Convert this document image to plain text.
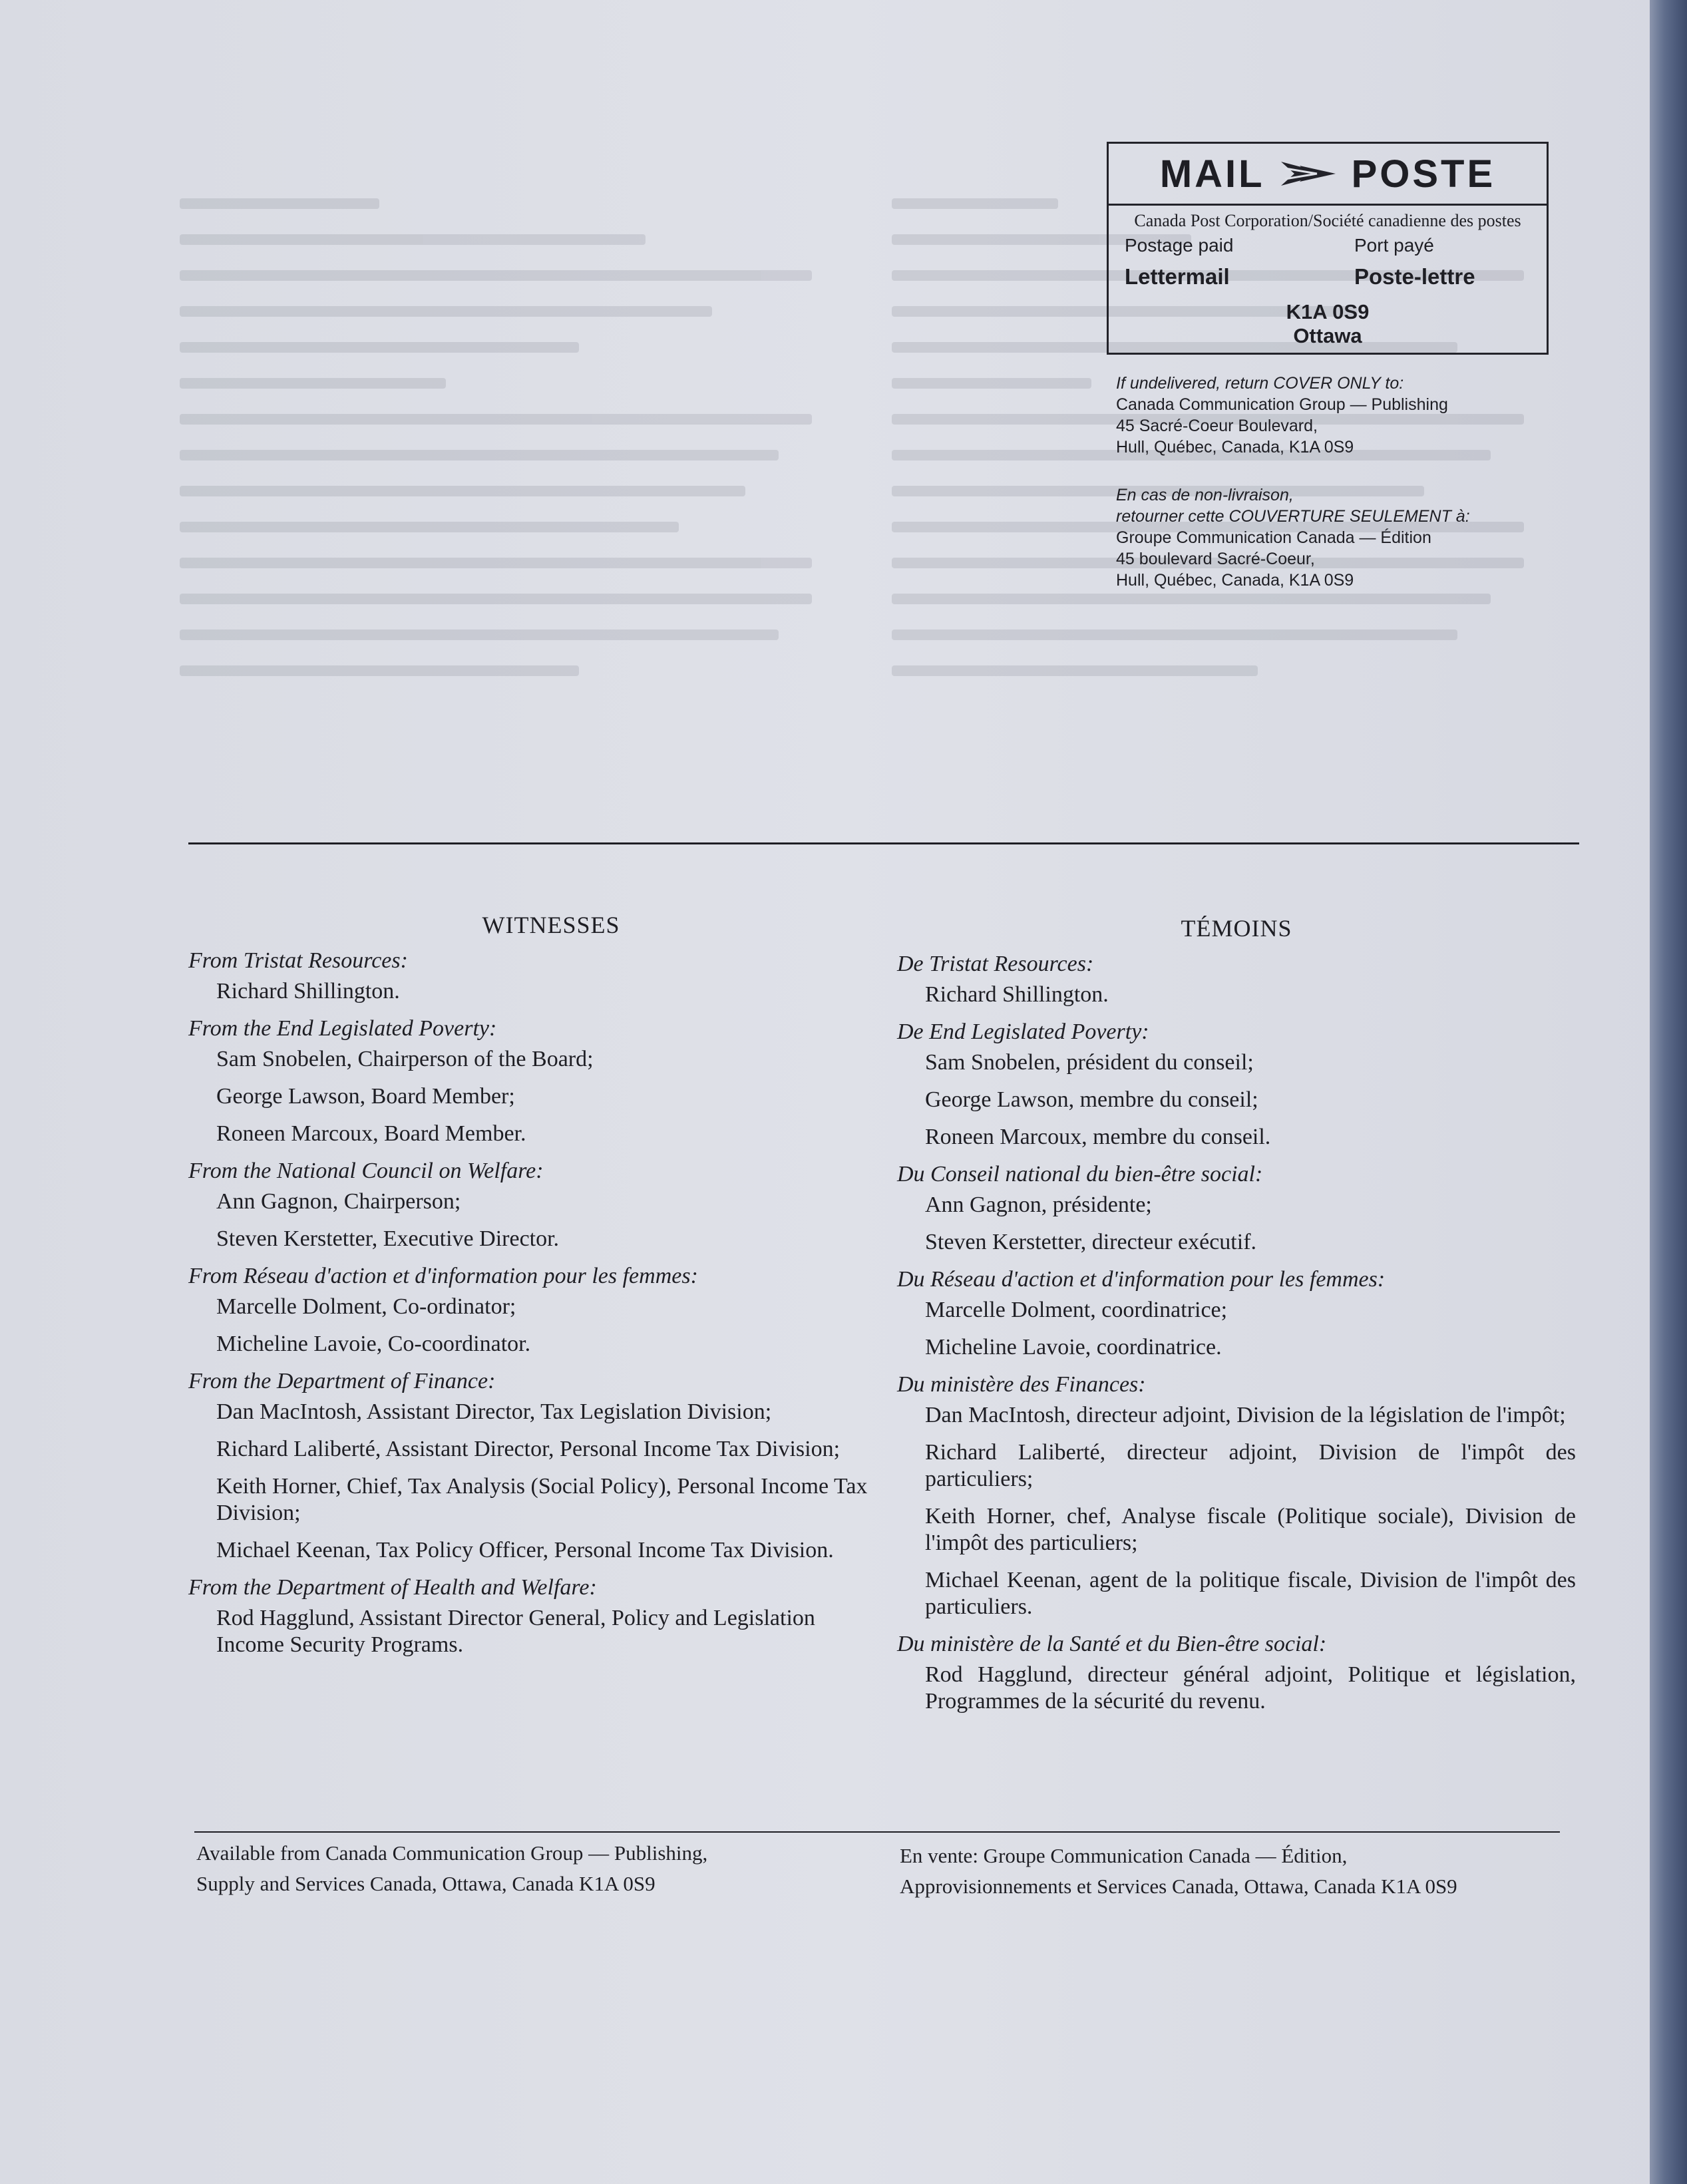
MAIL POSTE
Canada Post Corporation/Société canadienne des postes
Postage paid	Port payé
Lettermail	Poste-lettre
K1A 0S9
Ottawa
If undelivered, return COVER ONLY to:
Canada Communication Group — Publishing
45 Sacré-Coeur Boulevard,
Hull, Québec, Canada, K1A 0S9
En cas de non-livraison,
retourner cette COUVERTURE SEULEMENT à:
Groupe Communication Canada — Édition
45 boulevard Sacré-Coeur,
Hull, Québec, Canada, K1A 0S9
WITNESSES
From Tristat Resources:
Richard Shillington.
From the End Legislated Poverty:
Sam Snobelen, Chairperson of the Board;
George Lawson, Board Member;
Roneen Marcoux, Board Member.
From the National Council on Welfare:
Ann Gagnon, Chairperson;
Steven Kerstetter, Executive Director.
From Réseau d'action et d'information pour les femmes:
Marcelle Dolment, Co-ordinator;
Micheline Lavoie, Co-coordinator.
From the Department of Finance:
Dan MacIntosh, Assistant Director, Tax Legislation Division;
Richard Laliberté, Assistant Director, Personal Income Tax Division;
Keith Horner, Chief, Tax Analysis (Social Policy), Personal Income Tax Division;
Michael Keenan, Tax Policy Officer, Personal Income Tax Division.
From the Department of Health and Welfare:
Rod Hagglund, Assistant Director General, Policy and Legislation Income Security Programs.
TÉMOINS
De Tristat Resources:
Richard Shillington.
De End Legislated Poverty:
Sam Snobelen, président du conseil;
George Lawson, membre du conseil;
Roneen Marcoux, membre du conseil.
Du Conseil national du bien-être social:
Ann Gagnon, présidente;
Steven Kerstetter, directeur exécutif.
Du Réseau d'action et d'information pour les femmes:
Marcelle Dolment, coordinatrice;
Micheline Lavoie, coordinatrice.
Du ministère des Finances:
Dan MacIntosh, directeur adjoint, Division de la législation de l'impôt;
Richard Laliberté, directeur adjoint, Division de l'impôt des particuliers;
Keith Horner, chef, Analyse fiscale (Politique sociale), Division de l'impôt des particuliers;
Michael Keenan, agent de la politique fiscale, Division de l'impôt des particuliers.
Du ministère de la Santé et du Bien-être social:
Rod Hagglund, directeur général adjoint, Politique et législation, Programmes de la sécurité du revenu.
Available from Canada Communication Group — Publishing,
Supply and Services Canada, Ottawa, Canada K1A 0S9
En vente: Groupe Communication Canada — Édition,
Approvisionnements et Services Canada, Ottawa, Canada K1A 0S9
